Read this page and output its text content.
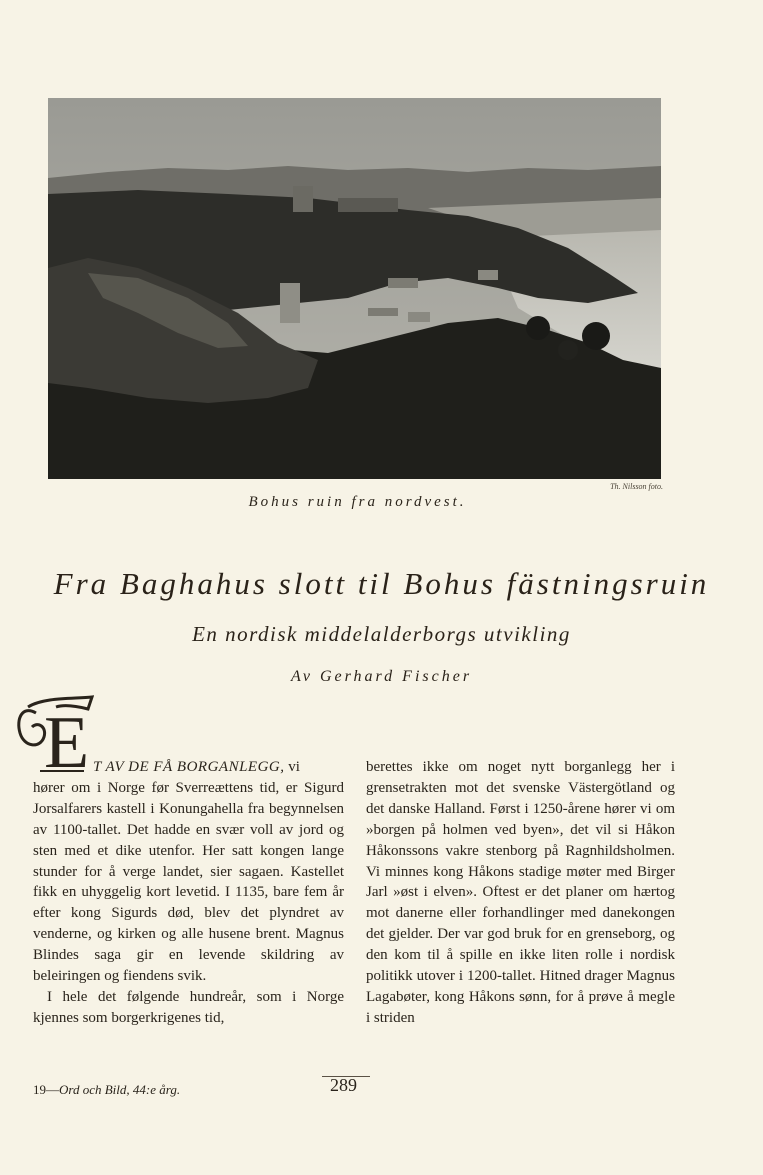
Th. Nilsson foto.
Bohus ruin fra nordvest.
Fra Baghahus slott til Bohus fästningsruin
En nordisk middelalderborgs utvikling
Av Gerhard Fischer
E T AV DE FÅ BORGANLEGG, vi

hører om i Norge før Sverreættens tid, er Sigurd Jorsalfarers kastell i Konungahella fra begynnelsen av 1100-tallet. Det hadde en svær voll av jord og sten med et dike utenfor. Her satt kongen lange stunder for å verge landet, sier sagaen. Kastellet fikk en uhyggelig kort levetid. I 1135, bare fem år efter kong Sigurds død, blev det plyndret av venderne, og kirken og alle husene brent. Magnus Blindes saga gir en levende skildring av beleiringen og fiendens svik.

I hele det følgende hundreår, som i Norge kjennes som borgerkrigenes tid,

berettes ikke om noget nytt borganlegg her i grensetrakten mot det svenske Västergötland og det danske Halland. Først i 1250-årene hører vi om »borgen på holmen ved byen», det vil si Håkon Håkonssons vakre stenborg på Ragnhildsholmen. Vi minnes kong Håkons stadige møter med Birger Jarl »øst i elven». Oftest er det planer om hærtog mot danerne eller forhandlinger med danekongen det gjelder. Der var god bruk for en grenseborg, og den kom til å spille en ikke liten rolle i nordisk politikk utover i 1200-tallet. Hitned drager Magnus Lagabøter, kong Håkons sønn, for å prøve å megle i striden

19—Ord och Bild, 44:e årg.	289
